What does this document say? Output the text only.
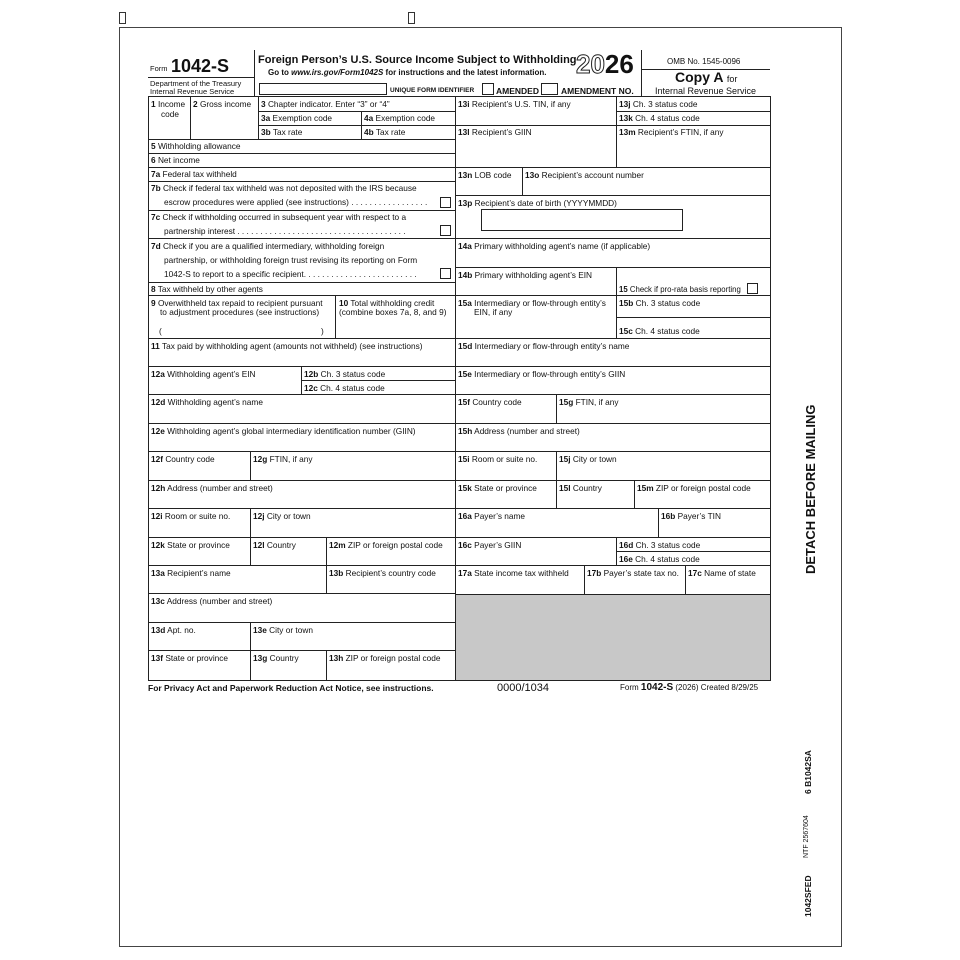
Form 1042-S
Department of the Treasury
Internal Revenue Service
Foreign Person’s U.S. Source Income Subject to Withholding
Go to www.irs.gov/Form1042S for instructions and the latest information. 2026	OMB No. 1545-0096
Copy A for
Internal Revenue Service
UNIQUE FORM IDENTIFIER	AMENDED	AMENDMENT NO.
1 Income
code
2 Gross income 3 Chapter indicator. Enter “3” or “4”
3a Exemption code	4a Exemption code
3b Tax rate	4b Tax rate
5 Withholding allowance
6 Net income
7a Federal tax withheld
7b Check if federal tax withheld was not deposited with the IRS because
escrow procedures were applied (see instructions) . . . . . . . . . . . . . . . . .
7c Check if withholding occurred in subsequent year with respect to a
partnership interest . . . . . . . . . . . . . . . . . . . . . . . . . . . . . . . . . . . . .
7d Check if you are a qualified intermediary, withholding foreign
partnership, or withholding foreign trust revising its reporting on Form
1042-S to report to a specific recipient. . . . . . . . . . . . . . . . . . . . . . . . .
8 Tax withheld by other agents
9 Overwithheld tax repaid to recipient pursuant
to adjustment procedures (see instructions)
(	)
10 Total withholding credit
(combine boxes 7a, 8, and 9)
11 Tax paid by withholding agent (amounts not withheld) (see instructions)
12a Withholding agent’s EIN	12b Ch. 3 status code
12c Ch. 4 status code
12d Withholding agent’s name
12e Withholding agent’s global intermediary identification number (GIIN)
12f Country code	12g FTIN, if any
12h Address (number and street)
12i Room or suite no.	12j City or town
12k State or province	12l Country	12m ZIP or foreign postal code
13a Recipient’s name	13b Recipient’s country code
13c Address (number and street)
13d Apt. no.	13e City or town
13f State or province	13g Country	13h ZIP or foreign postal code
13i Recipient’s U.S. TIN, if any	13j Ch. 3 status code
13k Ch. 4 status code
13l Recipient’s GIIN	13m Recipient’s FTIN, if any
13n LOB code 13o Recipient’s account number
13p Recipient’s date of birth (YYYYMMDD)
14a Primary withholding agent’s name (if applicable)
14b Primary withholding agent’s EIN
15 Check if pro-rata basis reporting
15a Intermediary or flow-through entity’s
EIN, if any
15b Ch. 3 status code
15c Ch. 4 status code
15d Intermediary or flow-through entity’s name
15e Intermediary or flow-through entity’s GIIN
15f Country code	15g FTIN, if any
15h Address (number and street)
15i Room or suite no.	15j City or town
15k State or province	15l Country	15m ZIP or foreign postal code
16a Payer’s name	16b Payer’s TIN
16c Payer’s GIIN	16d Ch. 3 status code
16e Ch. 4 status code
17a State income tax withheld 17b Payer’s state tax no. 17c Name of state
For Privacy Act and Paperwork Reduction Act Notice, see instructions.	0000/1034	Form 1042-S (2026) Created 8/29/25
DETACH BEFORE MAILING
6 B1042SA
NTF 2567604
1042SFED
